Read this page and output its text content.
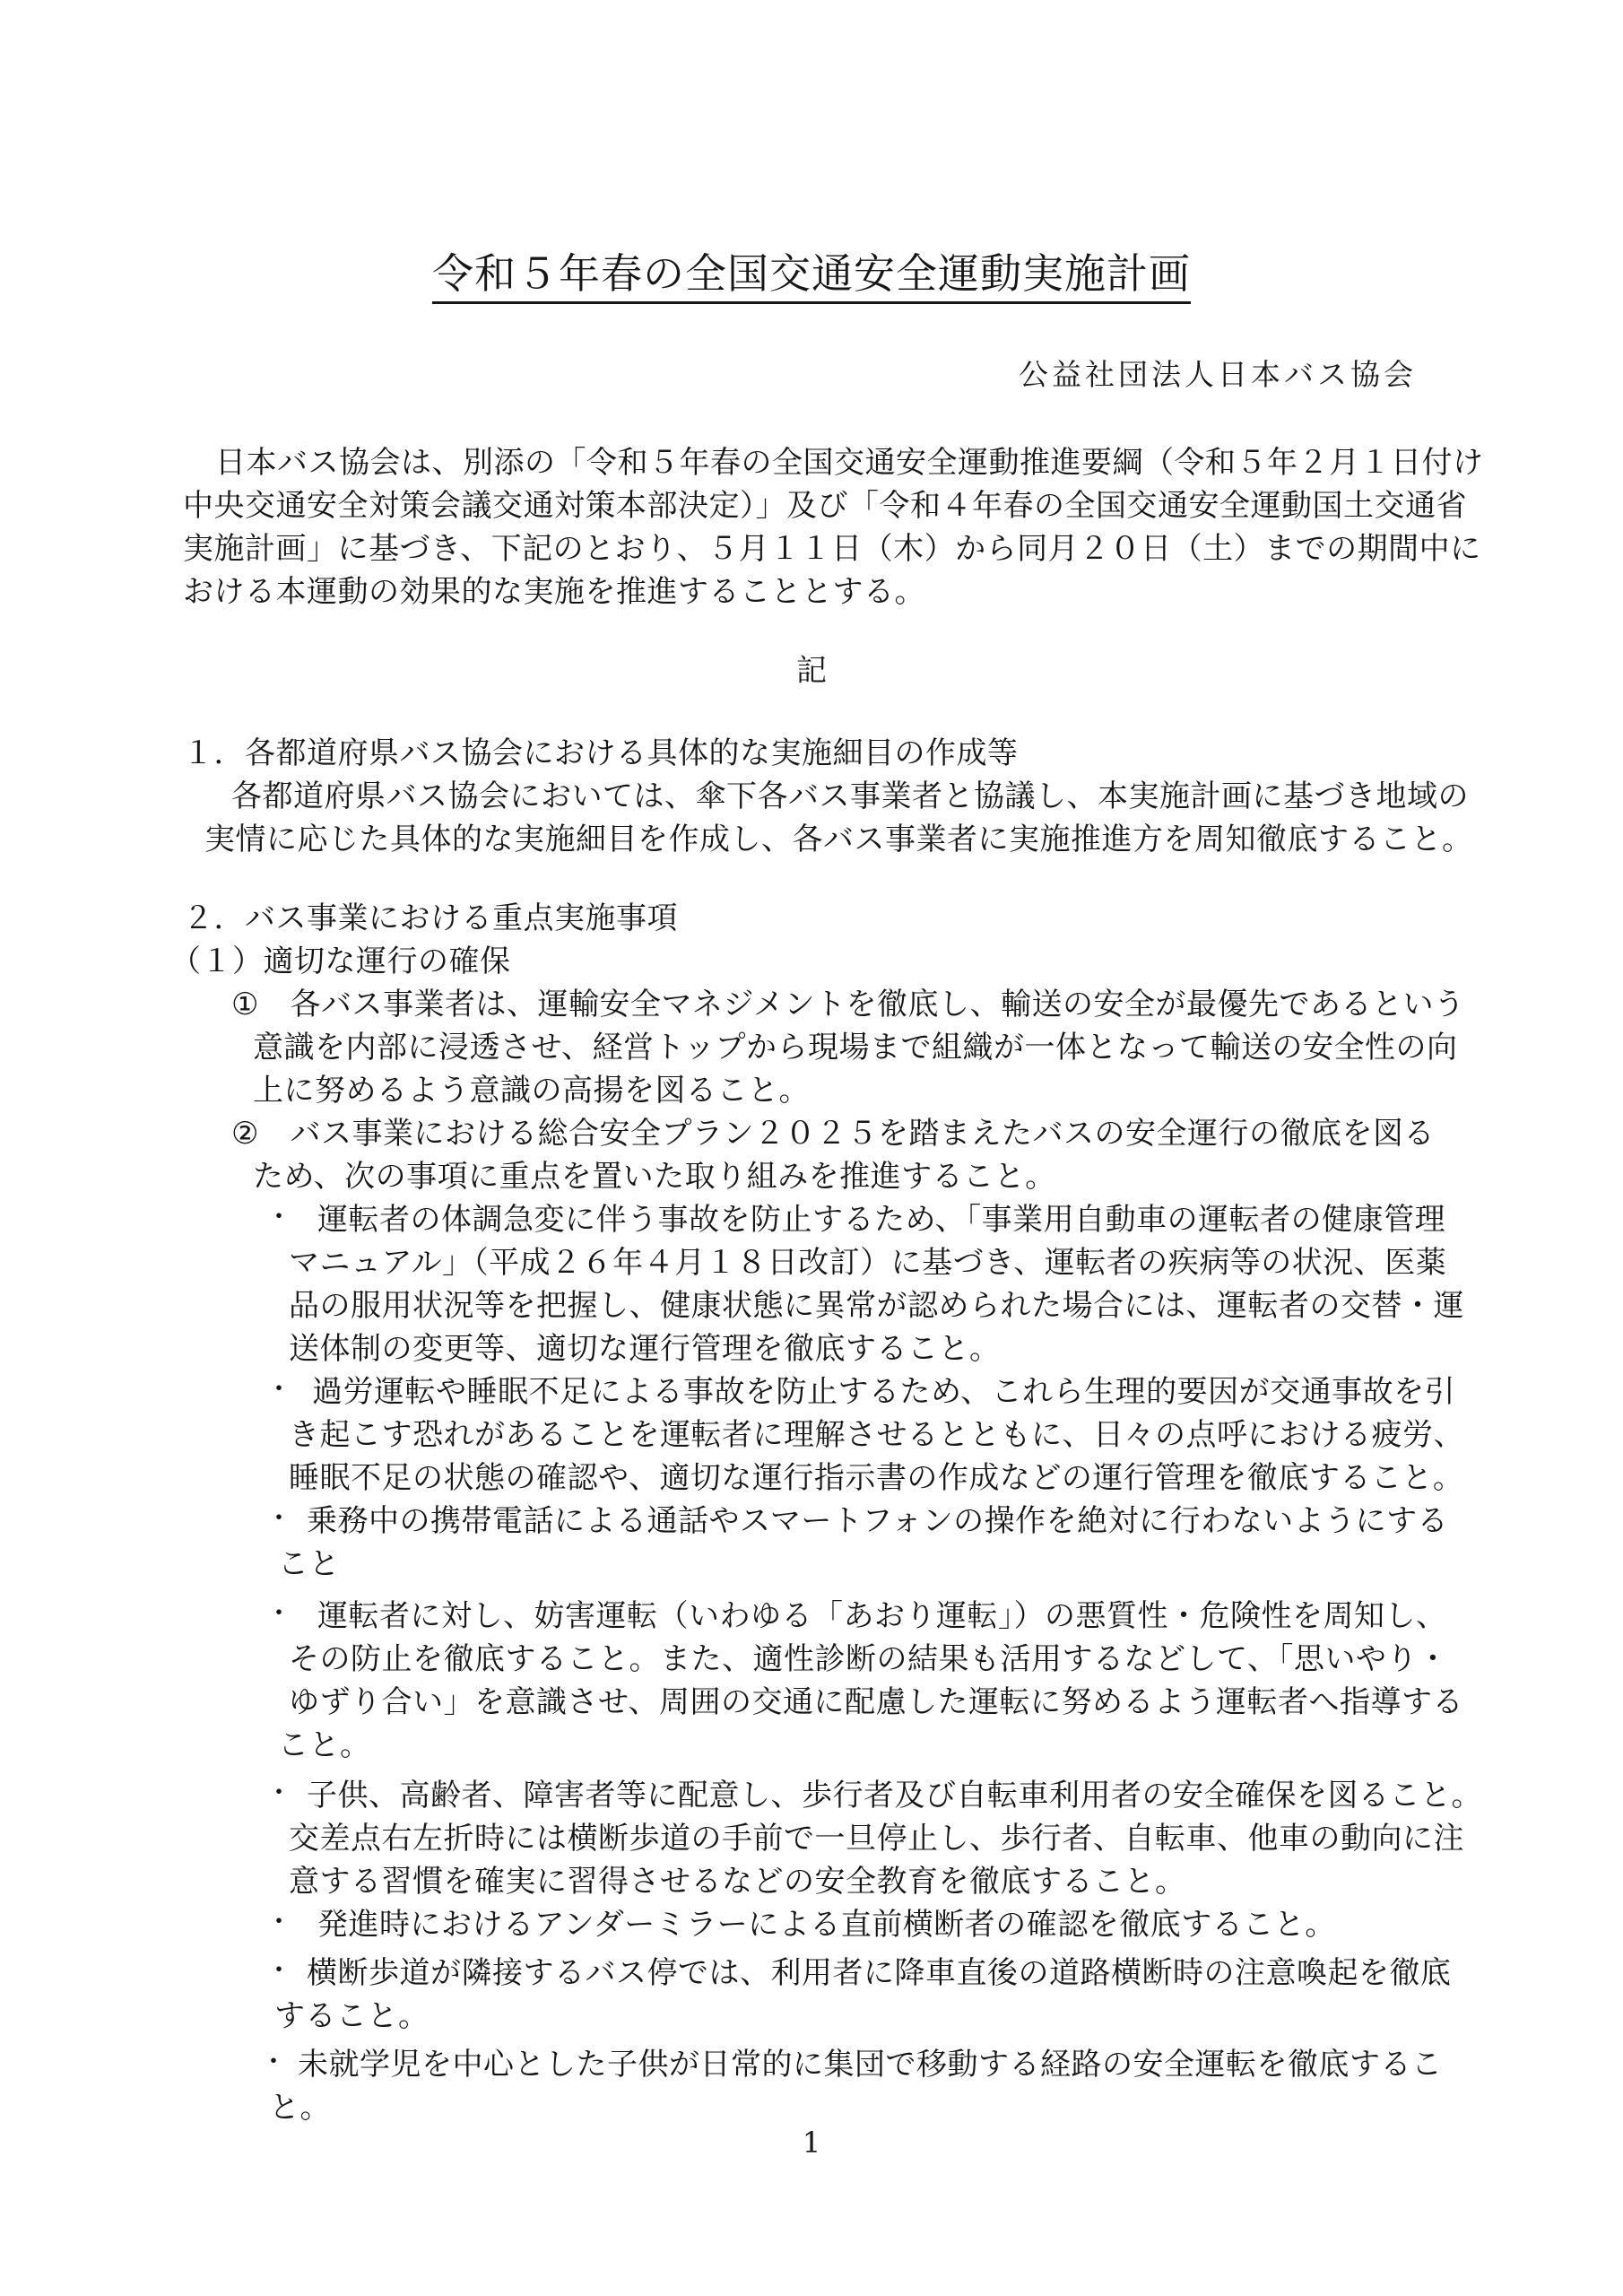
令和５年春の全国交通安全運動実施計画
公益社団法人日本バス協会
日本バス協会は、別添の「令和５年春の全国交通安全運動推進要綱（令和５年２月１日付け
中央交通安全対策会議交通対策本部決定）」及び「令和４年春の全国交通安全運動国土交通省
実施計画」に基づき、下記のとおり、５月１１日（木）から同月２０日（土）までの期間中に
おける本運動の効果的な実施を推進することとする。
記
１．各都道府県バス協会における具体的な実施細目の作成等
各都道府県バス協会においては、傘下各バス事業者と協議し、本実施計画に基づき地域の
実情に応じた具体的な実施細目を作成し、各バス事業者に実施推進方を周知徹底すること。
２．バス事業における重点実施事項
（１）適切な運行の確保
①　各バス事業者は、運輸安全マネジメントを徹底し、輸送の安全が最優先であるという
意識を内部に浸透させ、経営トップから現場まで組織が一体となって輸送の安全性の向
上に努めるよう意識の高揚を図ること。
②　バス事業における総合安全プラン２０２５を踏まえたバスの安全運行の徹底を図る
ため、次の事項に重点を置いた取り組みを推進すること。
・ 運転者の体調急変に伴う事故を防止するため、「事業用自動車の運転者の健康管理
マニュアル」（平成２６年４月１８日改訂）に基づき、運転者の疾病等の状況、医薬
品の服用状況等を把握し、健康状態に異常が認められた場合には、運転者の交替・運
送体制の変更等、適切な運行管理を徹底すること。
・ 過労運転や睡眠不足による事故を防止するため、これら生理的要因が交通事故を引
き起こす恐れがあることを運転者に理解させるとともに、日々の点呼における疲労、
睡眠不足の状態の確認や、適切な運行指示書の作成などの運行管理を徹底すること。
・ 乗務中の携帯電話による通話やスマートフォンの操作を絶対に行わないようにする
こと
・ 運転者に対し、妨害運転（いわゆる「あおり運転」）の悪質性・危険性を周知し、
その防止を徹底すること。また、適性診断の結果も活用するなどして、「思いやり・
ゆずり合い」を意識させ、周囲の交通に配慮した運転に努めるよう運転者へ指導する
こと。
・ 子供、高齢者、障害者等に配意し、歩行者及び自転車利用者の安全確保を図ること。
交差点右左折時には横断歩道の手前で一旦停止し、歩行者、自転車、他車の動向に注
意する習慣を確実に習得させるなどの安全教育を徹底すること。
・ 発進時におけるアンダーミラーによる直前横断者の確認を徹底すること。
・ 横断歩道が隣接するバス停では、利用者に降車直後の道路横断時の注意喚起を徹底
すること。
・ 未就学児を中心とした子供が日常的に集団で移動する経路の安全運転を徹底するこ
と。
1
